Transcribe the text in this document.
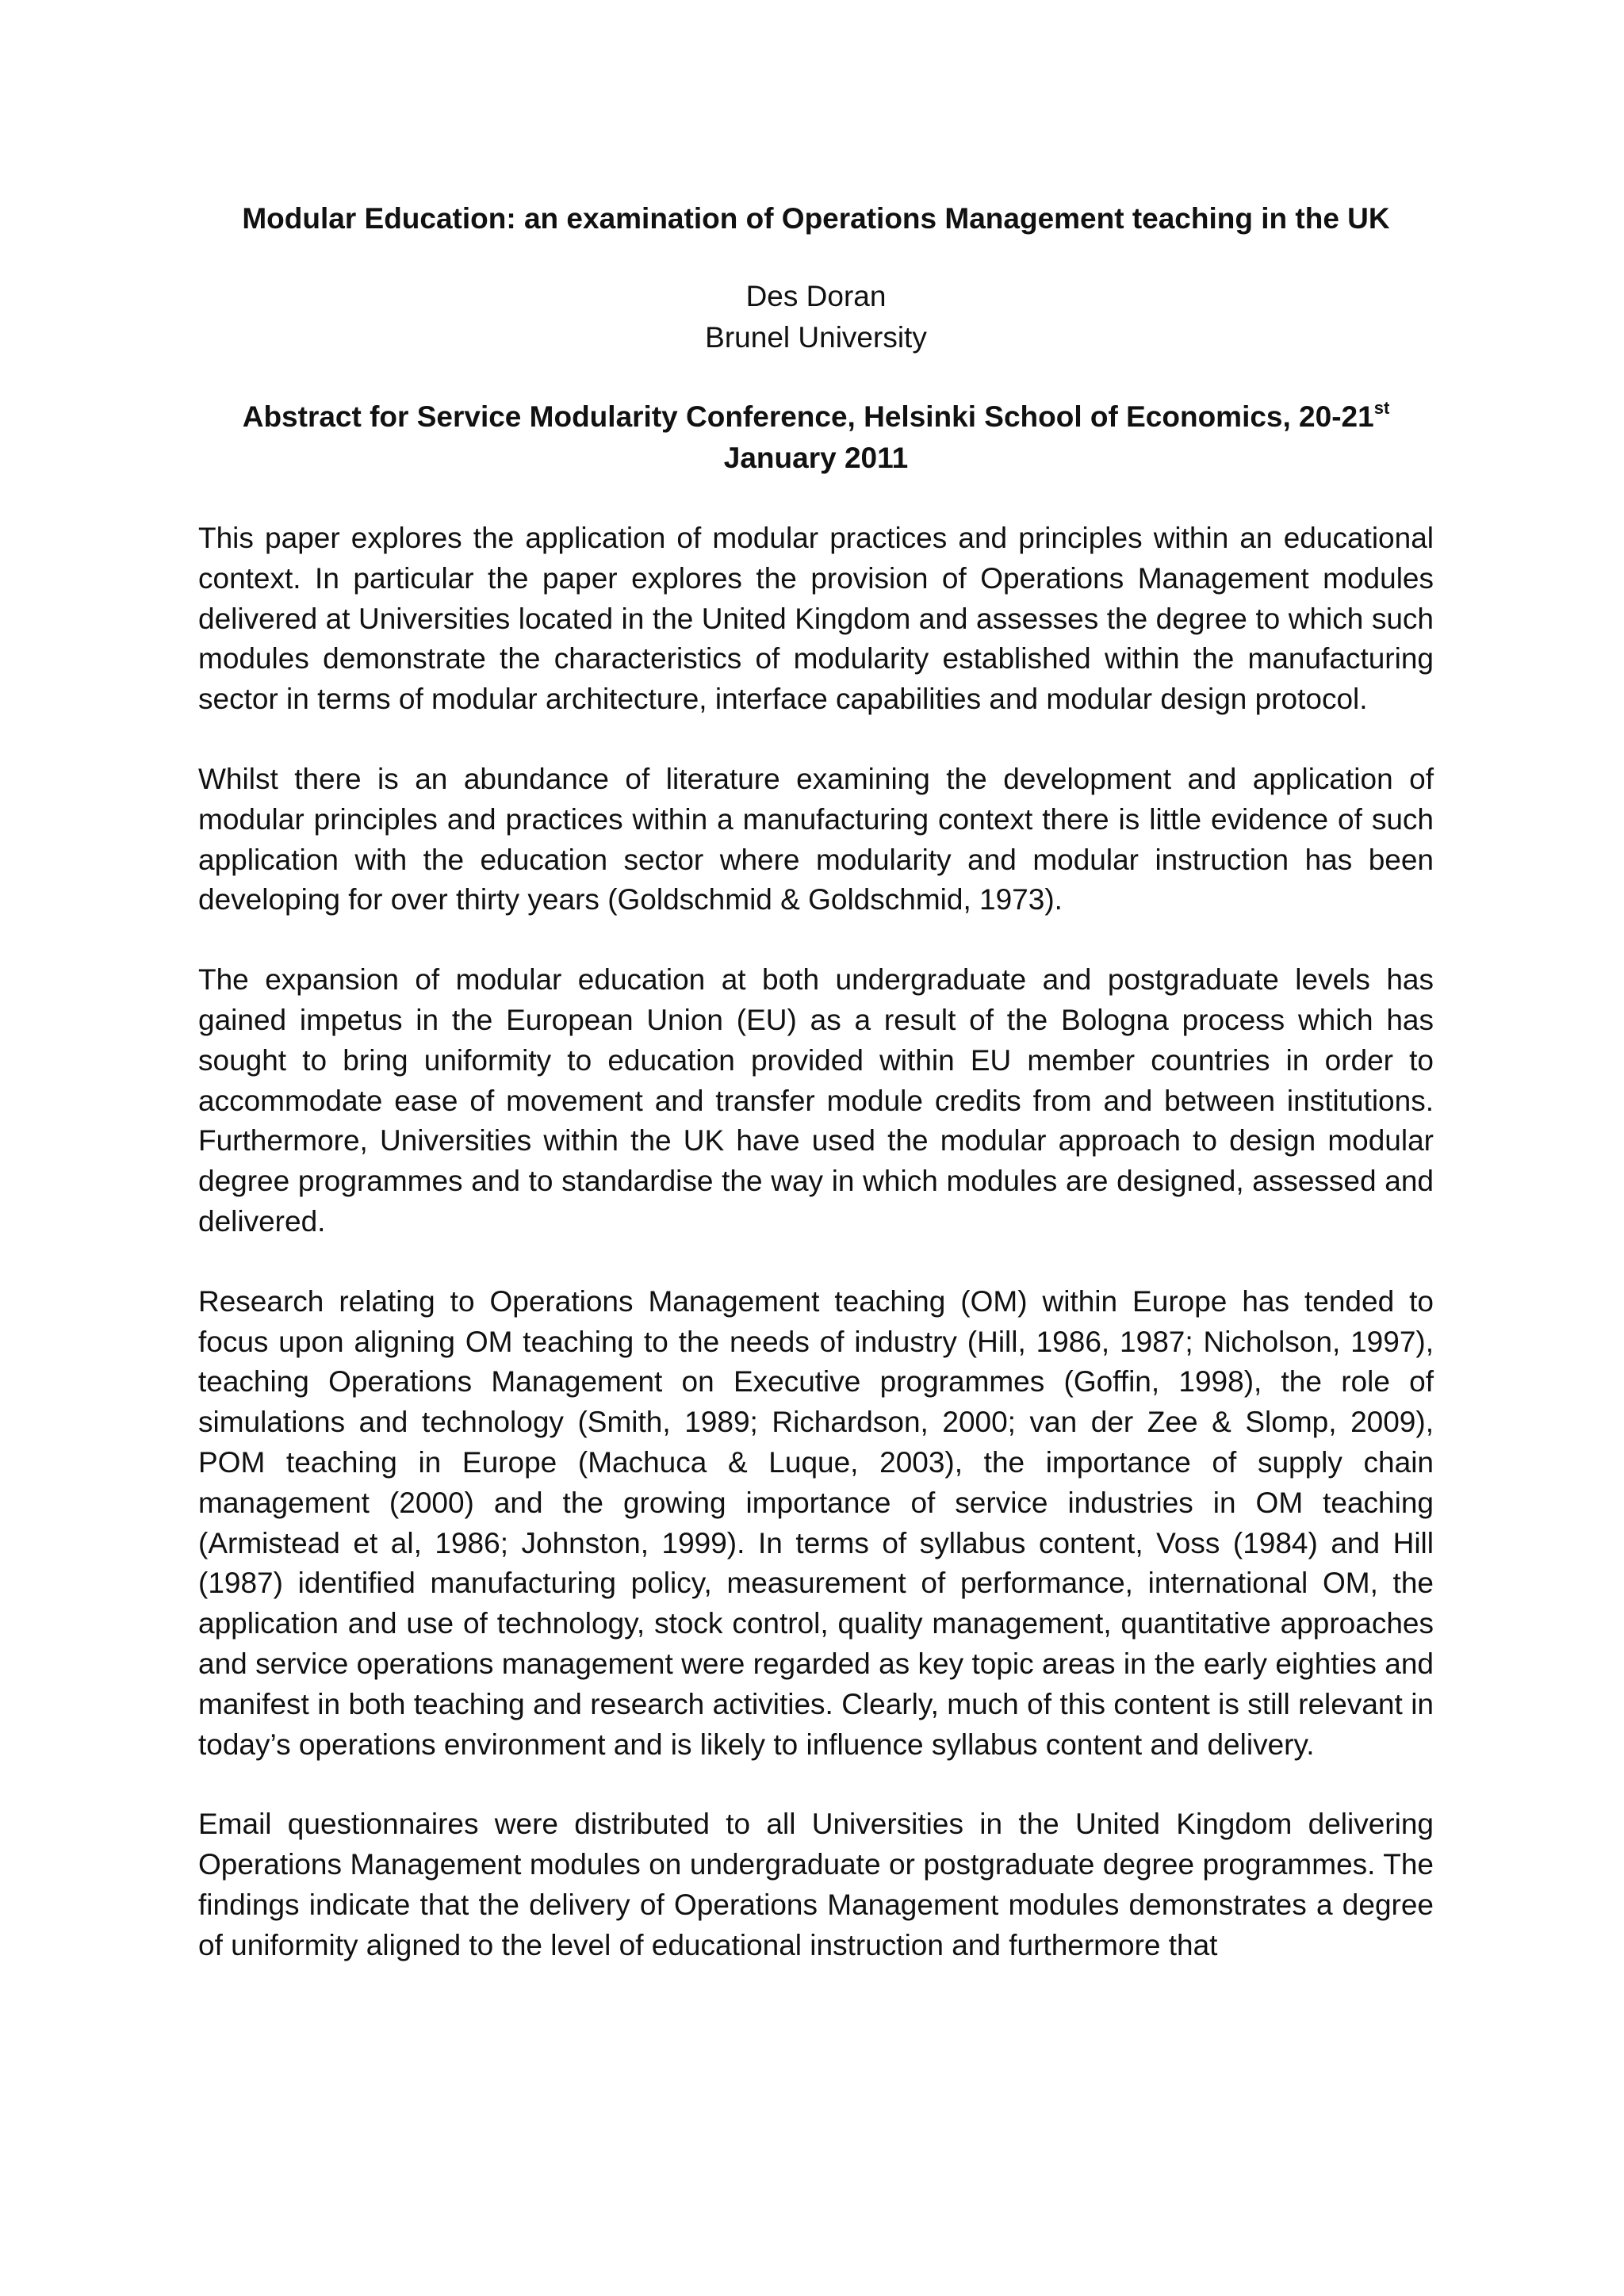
Modular Education: an examination of Operations Management teaching in the UK
Des Doran
Brunel University
Abstract for Service Modularity Conference, Helsinki School of Economics, 20-21st January 2011

This paper explores the application of modular practices and principles within an educational context. In particular the paper explores the provision of Operations Management modules delivered at Universities located in the United Kingdom and assesses the degree to which such modules demonstrate the characteristics of modularity established within the manufacturing sector in terms of modular architecture, interface capabilities and modular design protocol.

Whilst there is an abundance of literature examining the development and application of modular principles and practices within a manufacturing context there is little evidence of such application with the education sector where modularity and modular instruction has been developing for over thirty years (Goldschmid & Goldschmid, 1973).

The expansion of modular education at both undergraduate and postgraduate levels has gained impetus in the European Union (EU) as a result of the Bologna process which has sought to bring uniformity to education provided within EU member countries in order to accommodate ease of movement and transfer module credits from and between institutions. Furthermore, Universities within the UK have used the modular approach to design modular degree programmes and to standardise the way in which modules are designed, assessed and delivered.

Research relating to Operations Management teaching (OM) within Europe has tended to focus upon aligning OM teaching to the needs of industry (Hill, 1986, 1987; Nicholson, 1997), teaching Operations Management on Executive programmes (Goffin, 1998), the role of simulations and technology (Smith, 1989; Richardson, 2000; van der Zee & Slomp, 2009), POM teaching in Europe (Machuca & Luque, 2003), the importance of supply chain management (2000) and the growing importance of service industries in OM teaching (Armistead et al, 1986; Johnston, 1999). In terms of syllabus content, Voss (1984) and Hill (1987) identified manufacturing policy, measurement of performance, international OM, the application and use of technology, stock control, quality management, quantitative approaches and service operations management were regarded as key topic areas in the early eighties and manifest in both teaching and research activities. Clearly, much of this content is still relevant in today’s operations environment and is likely to influence syllabus content and delivery.

Email questionnaires were distributed to all Universities in the United Kingdom delivering Operations Management modules on undergraduate or postgraduate degree programmes. The findings indicate that the delivery of Operations Management modules demonstrates a degree of uniformity aligned to the level of educational instruction and furthermore that
